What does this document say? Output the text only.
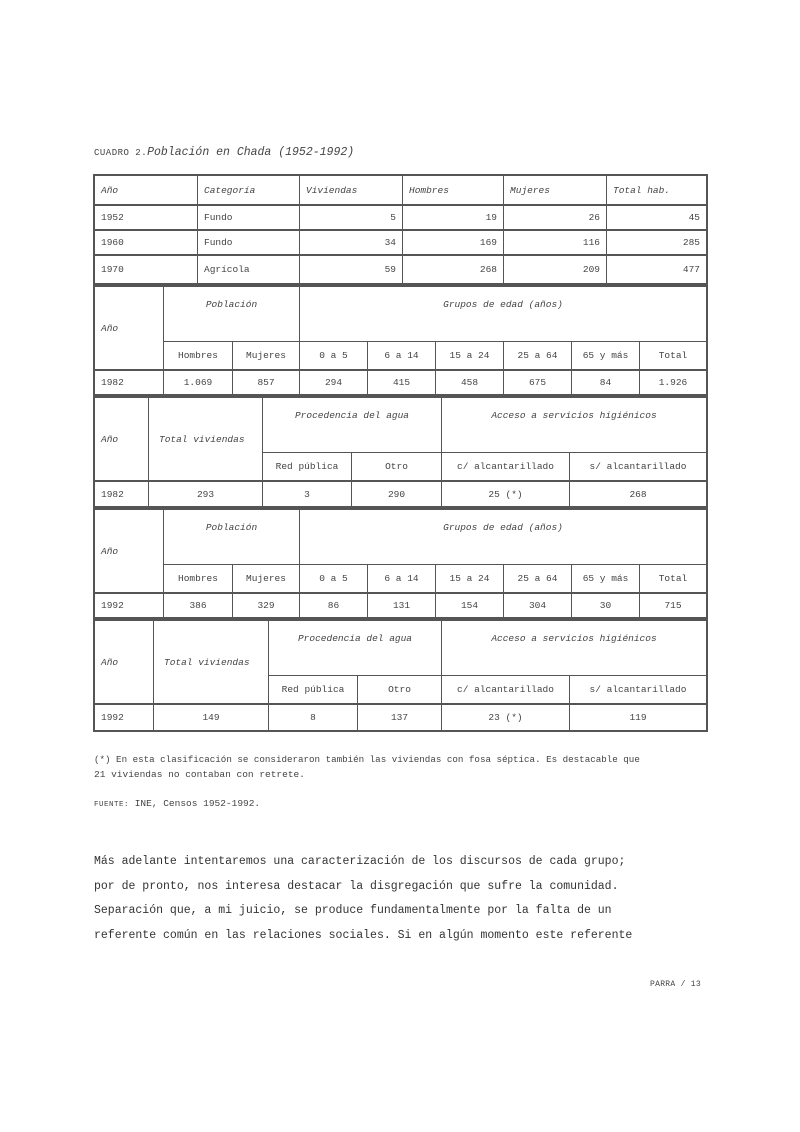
CUADRO 2.Población en Chada (1952-1992)
Año	Categoría	Viviendas	Hombres	Mujeres	Total hab.
1952	Fundo	5	19	26	45
1960	Fundo	34	169	116	285
1970	Agrícola	59	268	209	477
Año
Población	Grupos de edad (años)
Hombres	Mujeres	0 a 5	6 a 14	15 a 24	25 a 64	65 y más	Total
1982	1.069	857	294	415	458	675	84	1.926
Año	Total viviendas
Procedencia del agua	Acceso a servicios higiénicos
Red pública	Otro	c/ alcantarillado	s/ alcantarillado
1982	293	3	290	25 (*)	268
Año
Población	Grupos de edad (años)
Hombres	Mujeres	0 a 5	6 a 14	15 a 24	25 a 64	65 y más	Total
1992	386	329	86	131	154	304	30	715
Año	Total viviendas
Procedencia del agua	Acceso a servicios higiénicos
Red pública	Otro	c/ alcantarillado	s/ alcantarillado
1992	149	8	137	23 (*)	119
(*) En esta clasificación se consideraron también las viviendas con fosa séptica. Es destacable que
21 viviendas no contaban con retrete.
FUENTE: INE, Censos 1952-1992.
Más adelante intentaremos una caracterización de los discursos de cada grupo;
por de pronto, nos interesa destacar la disgregación que sufre la comunidad.
Separación que, a mi juicio, se produce fundamentalmente por la falta de un
referente común en las relaciones sociales. Si en algún momento este referente
PARRA / 13
